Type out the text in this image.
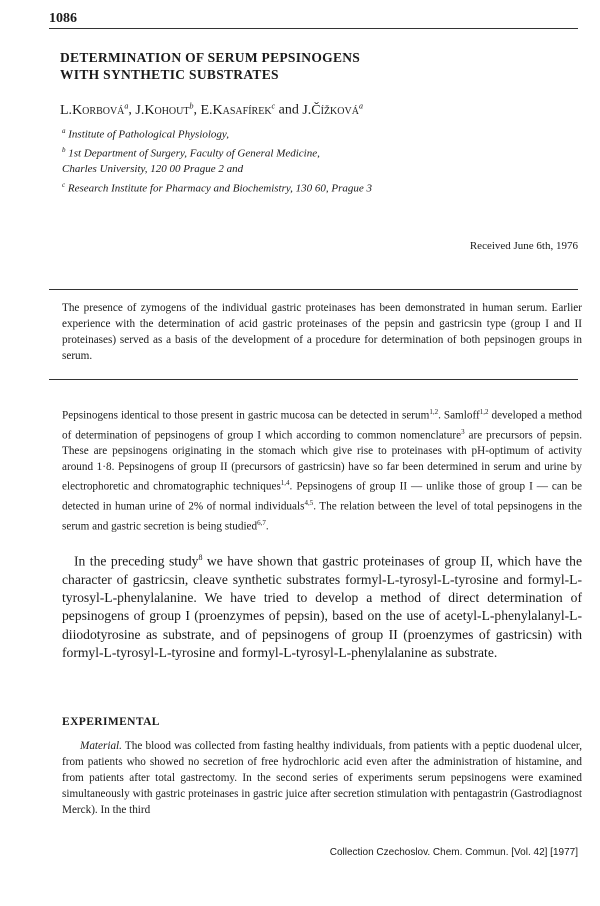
1086
DETERMINATION OF SERUM PEPSINOGENS
WITH SYNTHETIC SUBSTRATES
L.Korbová$^a$, J.Kohout$^b$, E.Kasafírek$^c$ and J.Čížková$^a$
$^a$ Institute of Pathological Physiology,
$^b$ 1st Department of Surgery, Faculty of General Medicine,
Charles University, 120 00 Prague 2 and
$^c$ Research Institute for Pharmacy and Biochemistry, 130 60, Prague 3
Received June 6th, 1976

The presence of zymogens of the individual gastric proteinases has been demonstrated in human serum. Earlier experience with the determination of acid gastric proteinases of the pepsin and gastricsin type (group I and II proteinases) served as a basis of the development of a procedure for determination of both pepsinogen groups in serum.

Pepsinogens identical to those present in gastric mucosa can be detected in serum$^{1,2}$. Samloff$^{1,2}$ developed a method of determination of pepsinogens of group I which according to common nomenclature$^3$ are precursors of pepsin. These are pepsinogens originating in the stomach which give rise to proteinases with pH-optimum of activity around 1·8. Pepsinogens of group II (precursors of gastricsin) have so far been determined in serum and urine by electrophoretic and chromatographic techniques$^{1,4}$. Pepsinogens of group II — unlike those of group I — can be detected in human urine of 2% of normal individuals$^{4,5}$. The relation between the level of total pepsinogens in the serum and gastric secretion is being studied$^{6,7}$.

In the preceding study$^8$ we have shown that gastric proteinases of group II, which have the character of gastricsin, cleave synthetic substrates formyl-L-tyrosyl-L-tyrosine and formyl-L-tyrosyl-L-phenylalanine. We have tried to develop a method of direct determination of pepsinogens of group I (proenzymes of pepsin), based on the use of acetyl-L-phenylalanyl-L-diiodotyrosine as substrate, and of pepsinogens of group II (proenzymes of gastricsin) with formyl-L-tyrosyl-L-tyrosine and formyl-L-tyrosyl-L-phenylalanine as substrate.

EXPERIMENTAL

Material. The blood was collected from fasting healthy individuals, from patients with a peptic duodenal ulcer, from patients who showed no secretion of free hydrochloric acid even after the administration of histamine, and from patients after total gastrectomy. In the second series of experiments serum pepsinogens were examined simultaneously with gastric proteinases in gastric juice after secretion stimulation with pentagastrin (Gastrodiagnost Merck). In the third

Collection Czechoslov. Chem. Commun. [Vol. 42] [1977]
